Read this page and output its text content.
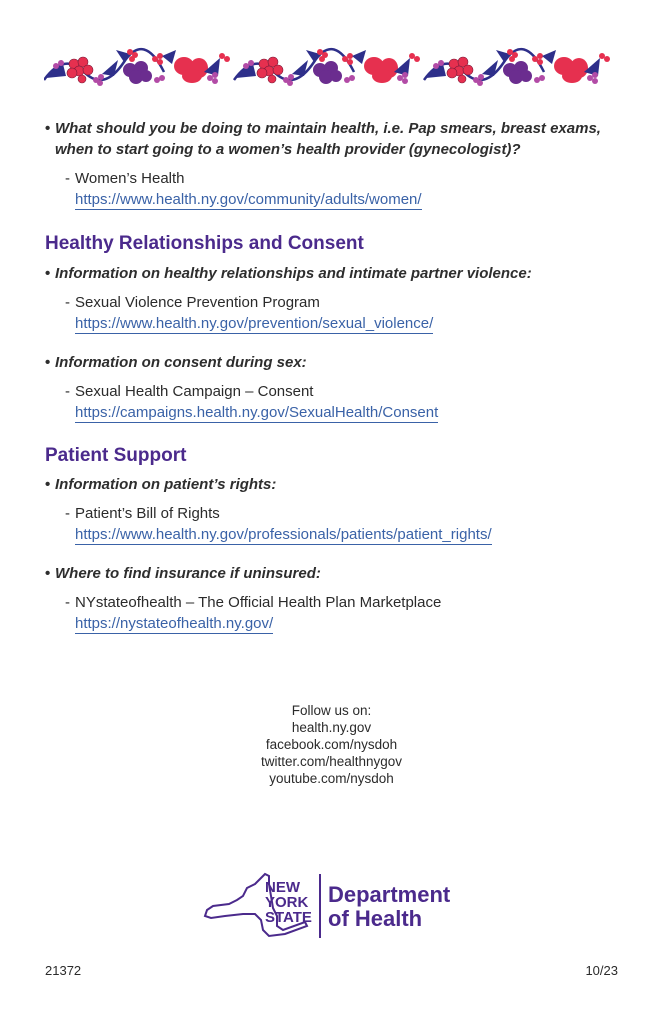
• What should you be doing to maintain health, i.e. Pap smears, breast exams, when to start going to a women’s health provider (gynecologist)?

- Women’s Health
https://www.health.ny.gov/community/adults/women/
Healthy Relationships and Consent

• Information on healthy relationships and intimate partner violence:

- Sexual Violence Prevention Program
https://www.health.ny.gov/prevention/sexual_violence/

• Information on consent during sex:

- Sexual Health Campaign – Consent
https://campaigns.health.ny.gov/SexualHealth/Consent
Patient Support

• Information on patient’s rights:

- Patient’s Bill of Rights
https://www.health.ny.gov/professionals/patients/patient_rights/

• Where to find insurance if uninsured:

- NYstateofhealth – The Official Health Plan Marketplace
https://nystateofhealth.ny.gov/
Follow us on:
health.ny.gov
facebook.com/nysdoh
twitter.com/healthnygov
youtube.com/nysdoh
NEW
YORK
STATE
Department
of Health
21372	10/23
